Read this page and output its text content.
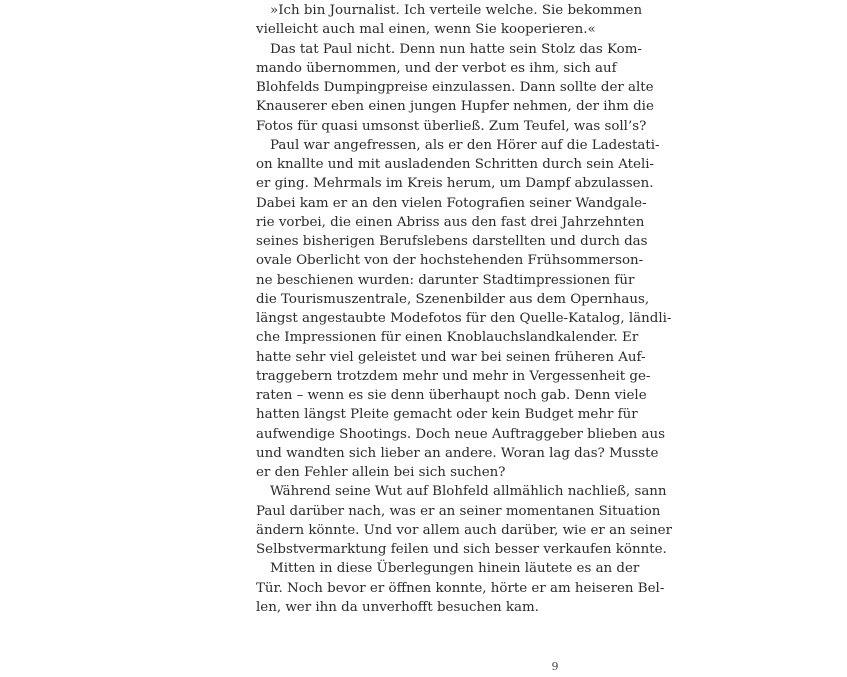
»Ich bin Journalist. Ich verteile welche. Sie bekommen
vielleicht auch mal einen, wenn Sie kooperieren.«
Das tat Paul nicht. Denn nun hatte sein Stolz das Kom-
mando übernommen, und der verbot es ihm, sich auf
Blohfelds Dumpingpreise einzulassen. Dann sollte der alte
Knauserer eben einen jungen Hupfer nehmen, der ihm die
Fotos für quasi umsonst überließ. Zum Teufel, was soll’s?
Paul war angefressen, als er den Hörer auf die Ladestati-
on knallte und mit ausladenden Schritten durch sein Ateli-
er ging. Mehrmals im Kreis herum, um Dampf abzulassen.
Dabei kam er an den vielen Fotografien seiner Wandgale-
rie vorbei, die einen Abriss aus den fast drei Jahrzehnten
seines bisherigen Berufslebens darstellten und durch das
ovale Oberlicht von der hochstehenden Frühsommerson-
ne beschienen wurden: darunter Stadtimpressionen für
die Tourismuszentrale, Szenenbilder aus dem Opernhaus,
längst angestaubte Modefotos für den Quelle-Katalog, ländli-
che Impressionen für einen Knoblauchslandkalender. Er
hatte sehr viel geleistet und war bei seinen früheren Auf-
traggebern trotzdem mehr und mehr in Vergessenheit ge-
raten – wenn es sie denn überhaupt noch gab. Denn viele
hatten längst Pleite gemacht oder kein Budget mehr für
aufwendige Shootings. Doch neue Auftraggeber blieben aus
und wandten sich lieber an andere. Woran lag das? Musste
er den Fehler allein bei sich suchen?
Während seine Wut auf Blohfeld allmählich nachließ, sann
Paul darüber nach, was er an seiner momentanen Situation
ändern könnte. Und vor allem auch darüber, wie er an seiner
Selbstvermarktung feilen und sich besser verkaufen könnte.
Mitten in diese Überlegungen hinein läutete es an der
Tür. Noch bevor er öffnen konnte, hörte er am heiseren Bel-
len, wer ihn da unverhofft besuchen kam.
9
